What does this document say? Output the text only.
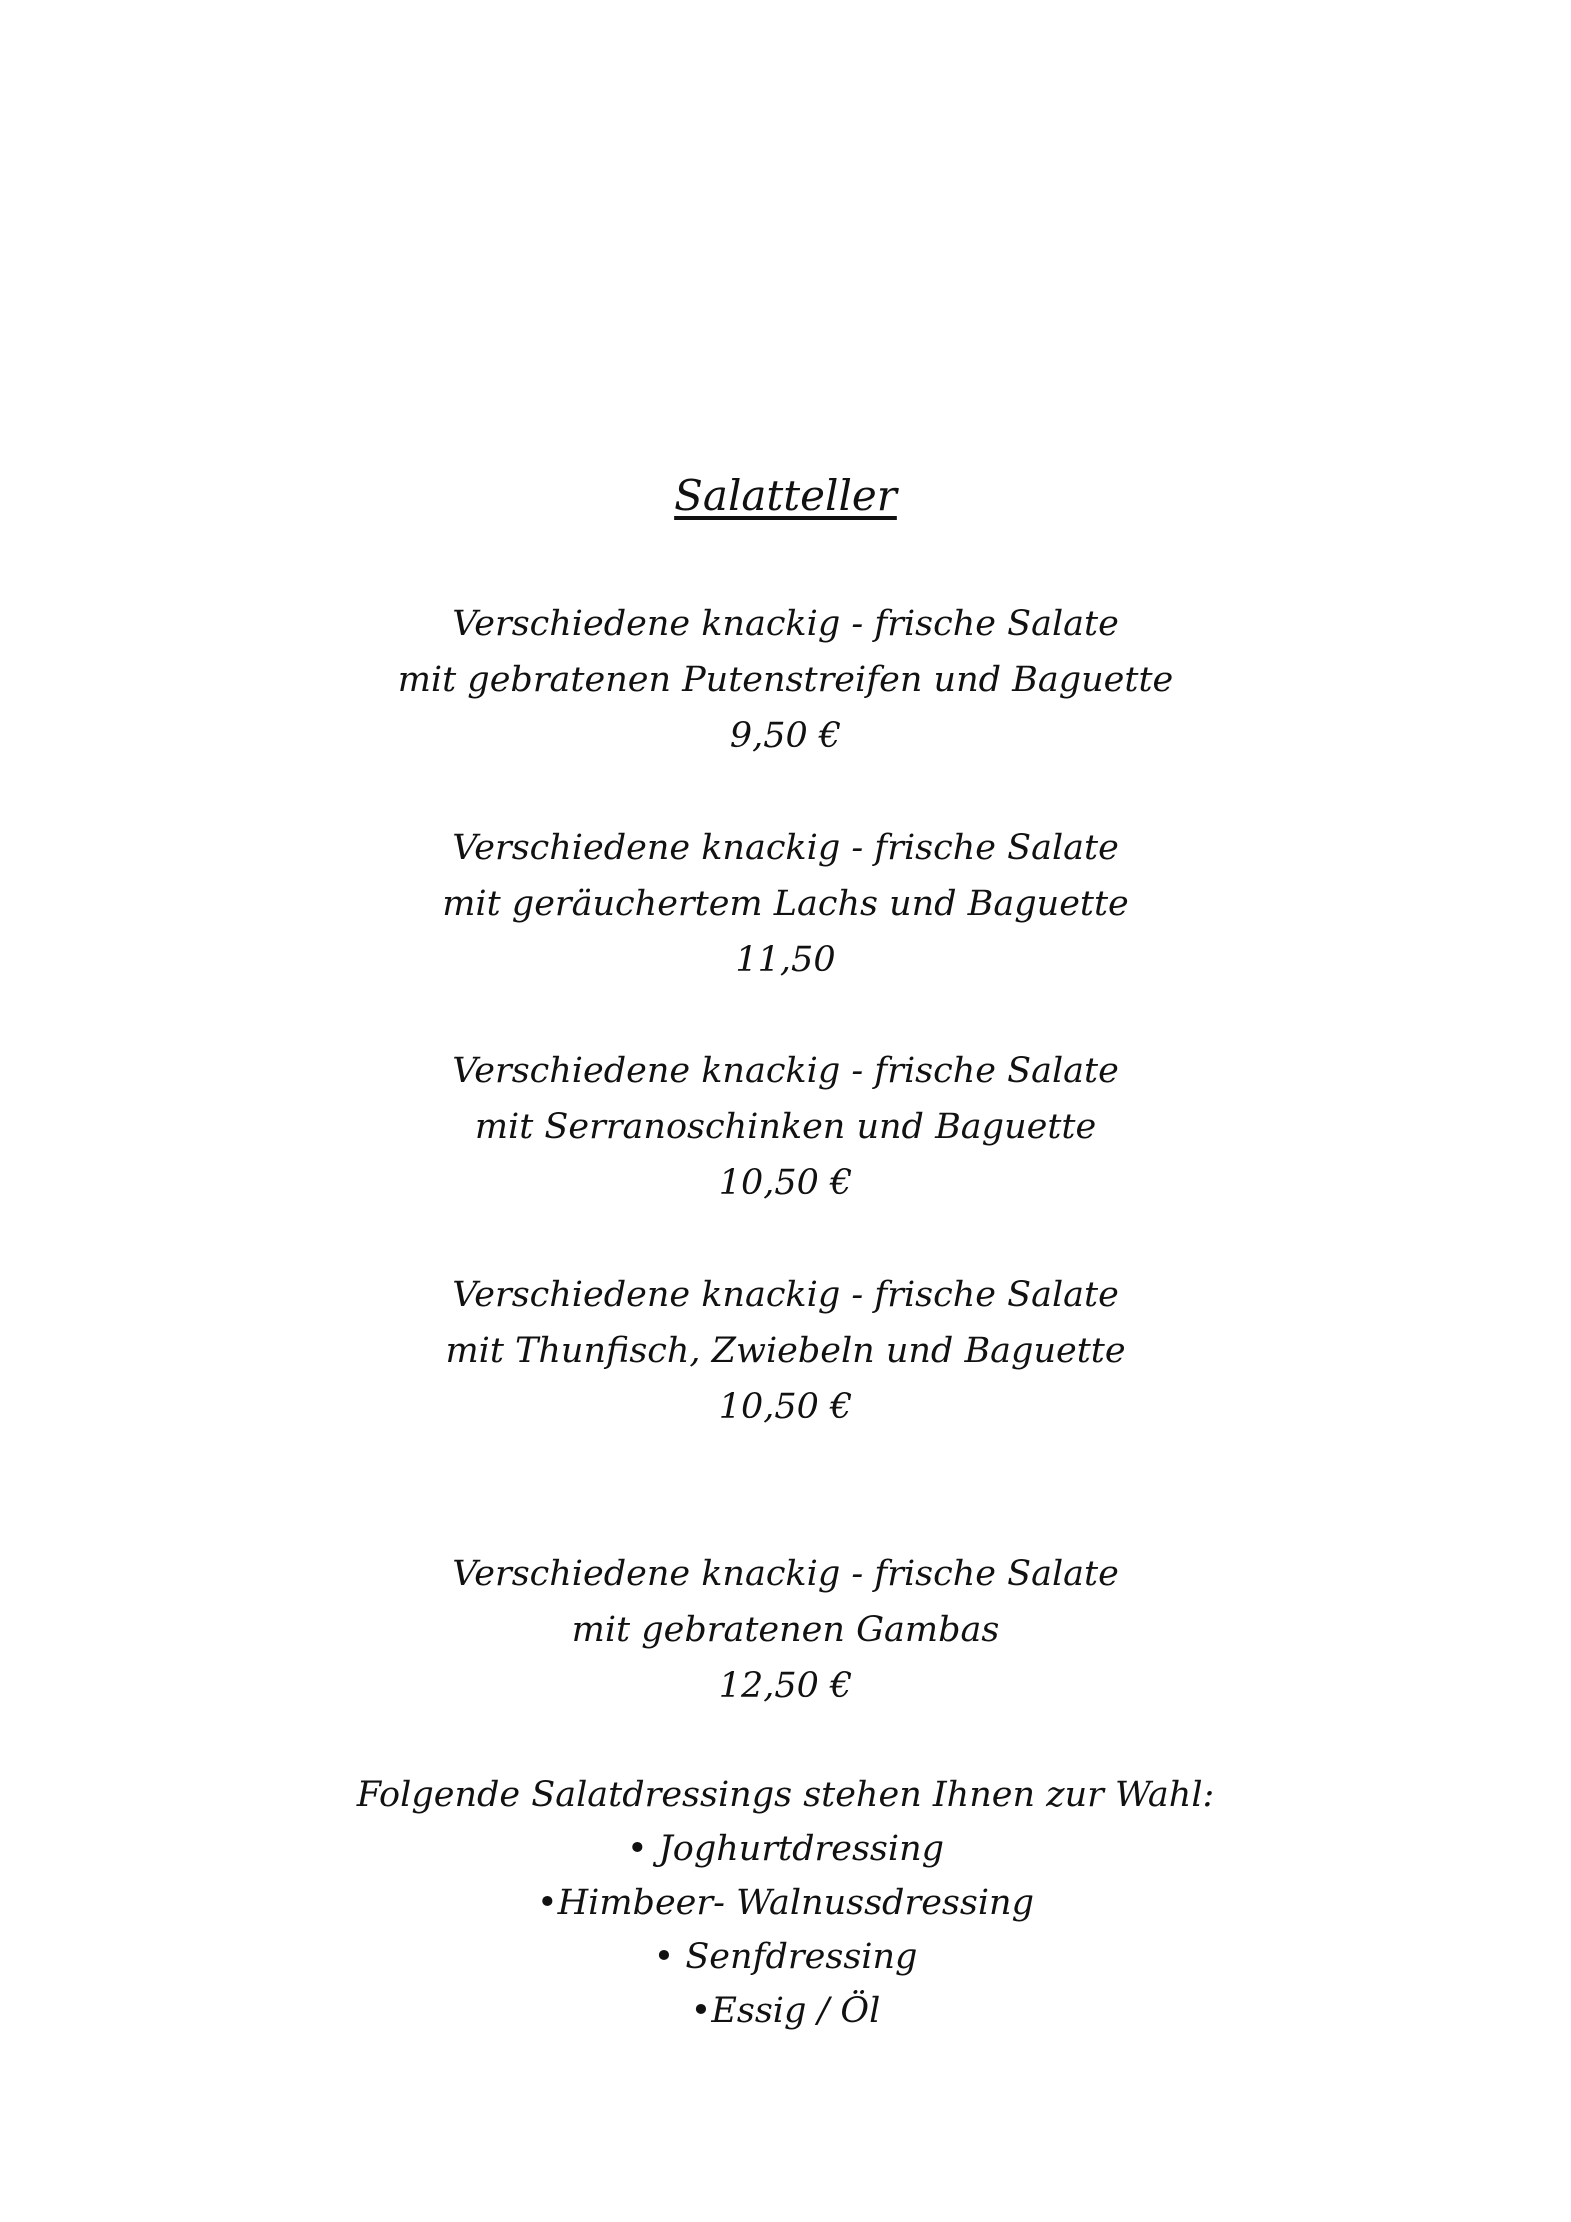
Salatteller
Verschiedene knackig - frische Salate
mit gebratenen Putenstreifen und Baguette
9,50 €
Verschiedene knackig - frische Salate
mit geräuchertem Lachs und Baguette
11,50
Verschiedene knackig - frische Salate
mit Serranoschinken und Baguette
10,50 €
Verschiedene knackig - frische Salate
mit Thunfisch, Zwiebeln und Baguette
10,50 €
Verschiedene knackig - frische Salate
mit gebratenen Gambas
12,50 €
Folgende Salatdressings stehen Ihnen zur Wahl:
• Joghurtdressing
•Himbeer- Walnussdressing
• Senfdressing
•Essig / Öl
